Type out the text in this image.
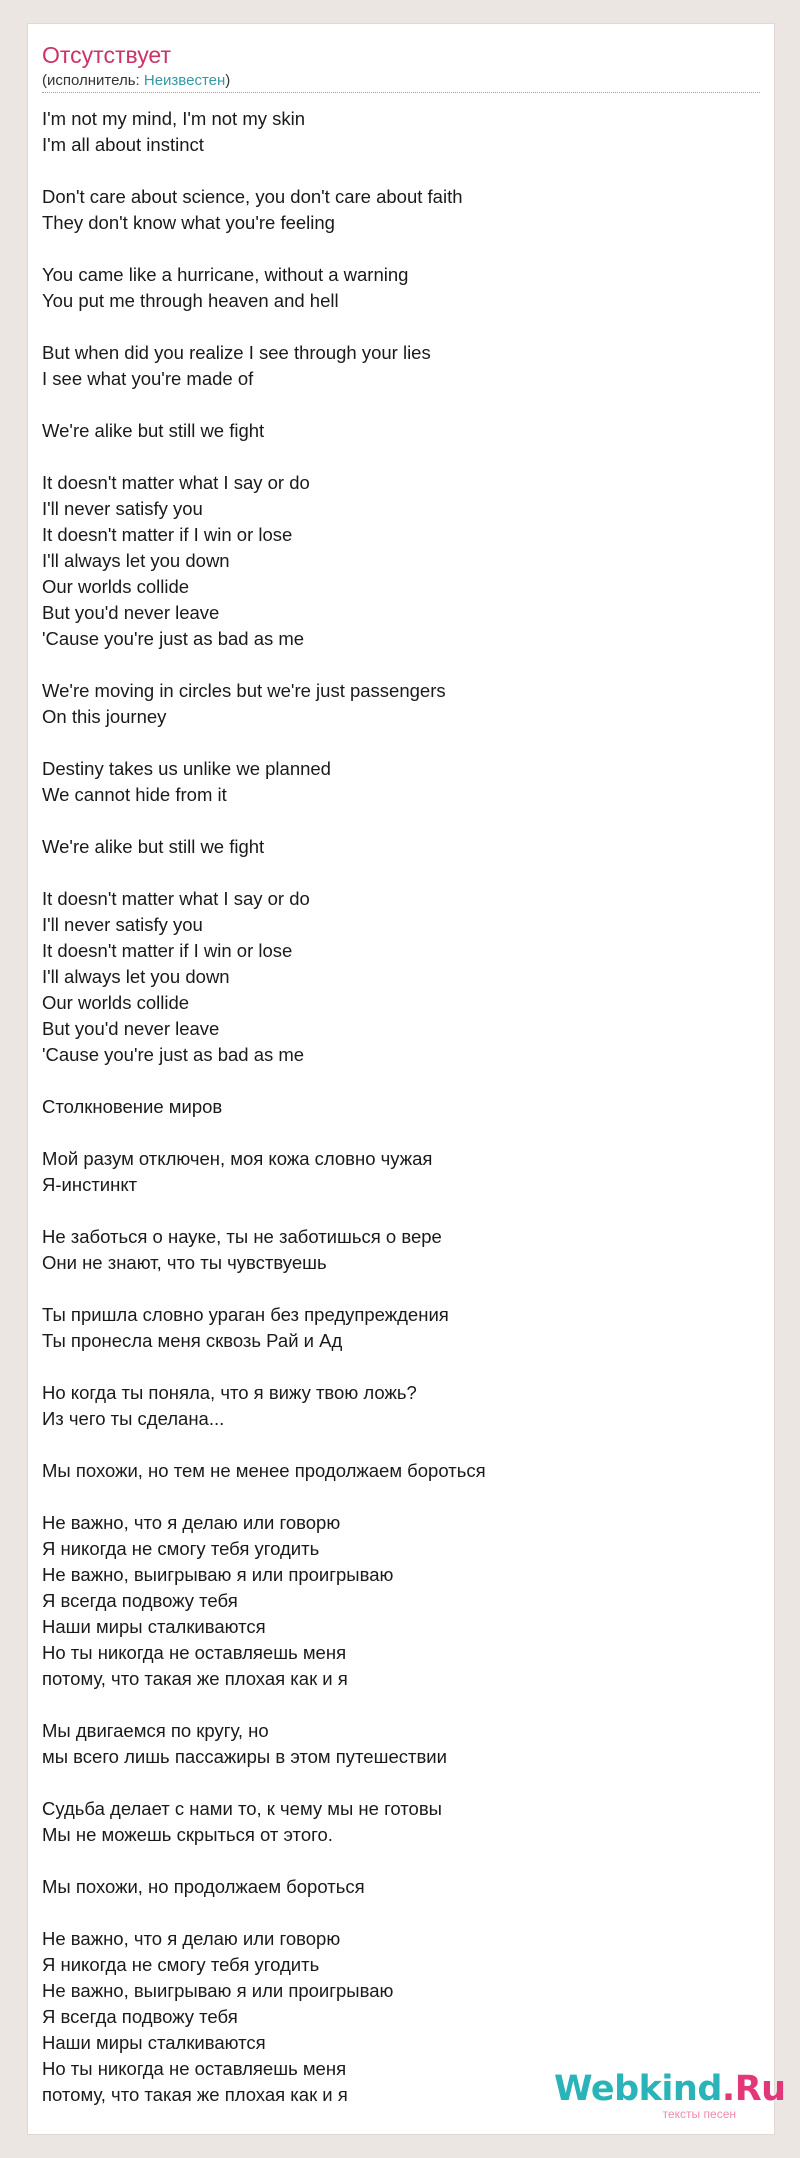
Отсутствует
(исполнитель: Неизвестен)
I'm not my mind, I'm not my skin
I'm all about instinct
Don't care about science, you don't care about faith
They don't know what you're feeling
You came like a hurricane, without a warning
You put me through heaven and hell
But when did you realize I see through your lies
I see what you're made of
We're alike but still we fight
It doesn't matter what I say or do
I'll never satisfy you
It doesn't matter if I win or lose
I'll always let you down
Our worlds collide
But you'd never leave
'Cause you're just as bad as me
We're moving in circles but we're just passengers
On this journey
Destiny takes us unlike we planned
We cannot hide from it
We're alike but still we fight
It doesn't matter what I say or do
I'll never satisfy you
It doesn't matter if I win or lose
I'll always let you down
Our worlds collide
But you'd never leave
'Cause you're just as bad as me
Столкновение миров
Мой разум отключен, моя кожа словно чужая
Я-инстинкт
Не заботься о науке, ты не заботишься о вере
Они не знают, что ты чувствуешь
Ты пришла словно ураган без предупреждения
Ты пронесла меня сквозь Рай и Ад
Но когда ты поняла, что я вижу твою ложь?
Из чего ты сделана...
Мы похожи, но тем не менее продолжаем бороться
Не важно, что я делаю или говорю
Я никогда не смогу тебя угодить
Не важно, выигрываю я или проигрываю
Я всегда подвожу тебя
Наши миры сталкиваются
Но ты никогда не оставляешь меня
потому, что такая же плохая как и я
Мы двигаемся по кругу, но
мы всего лишь пассажиры в этом путешествии
Судьба делает с нами то, к чему мы не готовы
Мы не можешь скрыться от этого.
Мы похожи, но продолжаем бороться
Не важно, что я делаю или говорю
Я никогда не смогу тебя угодить
Не важно, выигрываю я или проигрываю
Я всегда подвожу тебя
Наши миры сталкиваются
Но ты никогда не оставляешь меня
потому, что такая же плохая как и я	Webkind.Ru
тексты песен
